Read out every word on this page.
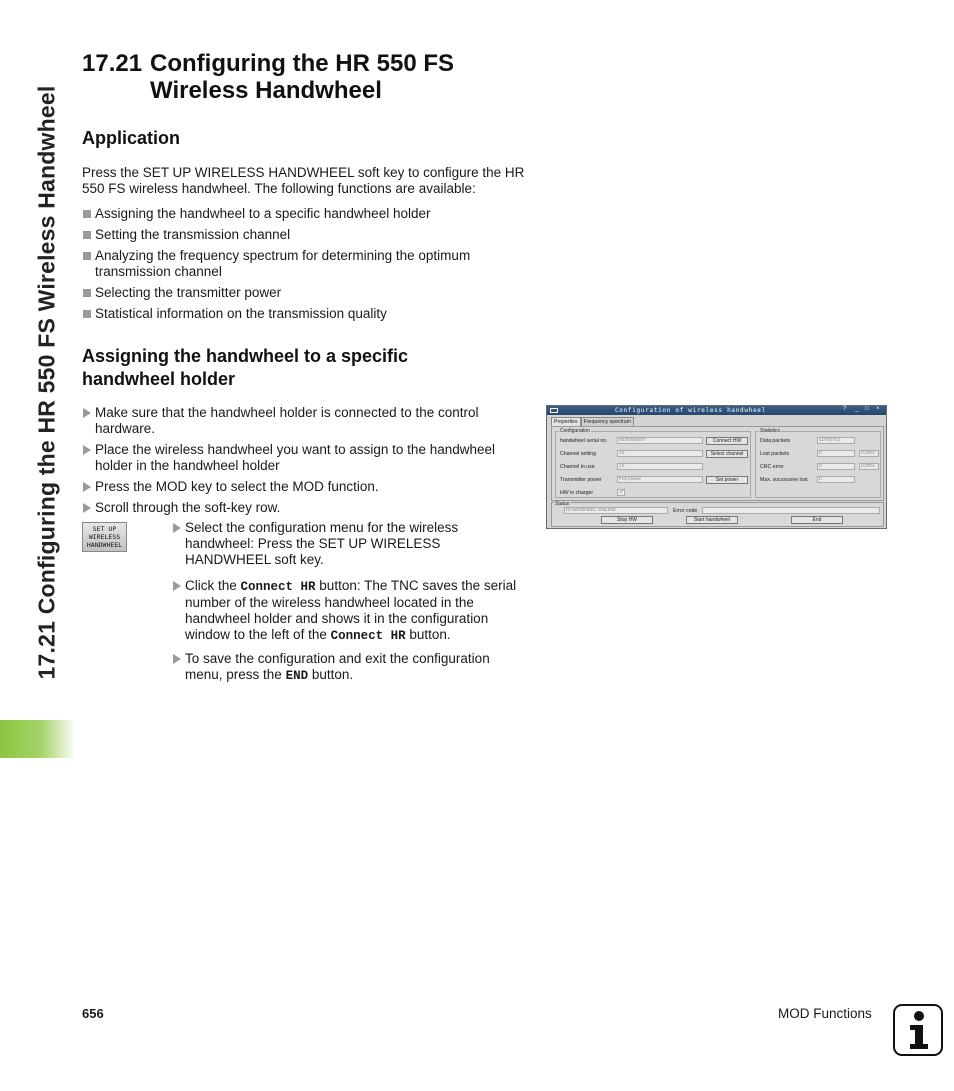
17.21 Configuring the HR 550 FS Wireless Handwheel
17.21 Configuring the HR 550 FS
Wireless Handwheel
Application
Press the SET UP WIRELESS HANDWHEEL soft key to configure the HR 550 FS wireless handwheel. The following functions are available:
Assigning the handwheel to a specific handwheel holder
Setting the transmission channel
Analyzing the frequency spectrum for determining the optimum transmission channel
Selecting the transmitter power
Statistical information on the transmission quality
Assigning the handwheel to a specific
handwheel holder
Make sure that the handwheel holder is connected to the control hardware.
Place the wireless handwheel you want to assign to the handwheel holder in the handwheel holder
Press the MOD key to select the MOD function.
Scroll through the soft-key row.
SET UP
WIRELESS
HANDWHEEL
Select the configuration menu for the wireless handwheel: Press the SET UP WIRELESS HANDWHEEL soft key.
Click the Connect HR button: The TNC saves the serial number of the wireless handwheel located in the handwheel holder and shows it in the configuration window to the left of the Connect HR button.
To save the configuration and exit the configuration menu, press the END button.
Configuration of wireless handwheel	? _ □ ×
Properties	Frequency spectrum
Configuration
handwheel serial no.	0026759407	Connect HW
Channel setting	12	Select channel
Channel in use	12
Transmitter power	Full power	Set power
HW in charger	✓
Statistics
Data packets	11734714
Lost packets	0	0,00%
CRC error	0	0,00%
Max. successive lost	0
Status
HANDWHEEL ONLINE	Error code
Stop HW	Start handwheel	End
656	MOD Functions
